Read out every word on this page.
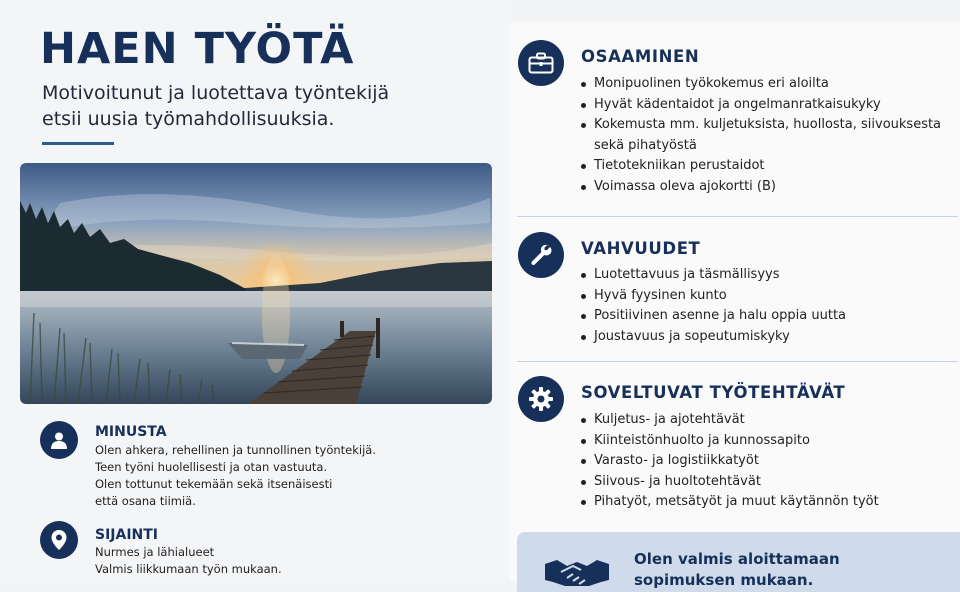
HAEN TYÖTÄ

Motivoitunut ja luotettava työntekijä
etsii uusia työmahdollisuuksia.

MINUSTA

Olen ahkera, rehellinen ja tunnollinen työntekijä.
Teen työni huolellisesti ja otan vastuuta.
Olen tottunut tekemään sekä itsenäisesti
että osana tiimiä.

SIJAINTI

Nurmes ja lähialueet
Valmis liikkumaan työn mukaan.

OSAAMINEN
Monipuolinen työkokemus eri aloilta
Hyvät kädentaidot ja ongelmanratkaisukyky
Kokemusta mm. kuljetuksista, huollosta, siivouksesta
sekä pihatyöstä
Tietotekniikan perustaidot
Voimassa oleva ajokortti (B)
VAHVUUDET
Luotettavuus ja täsmällisyys
Hyvä fyysinen kunto
Positiivinen asenne ja halu oppia uutta
Joustavuus ja sopeutumiskyky
SOVELTUVAT TYÖTEHTÄVÄT
Kuljetus- ja ajotehtävät
Kiinteistönhuolto ja kunnossapito
Varasto- ja logistiikkatyöt
Siivous- ja huoltotehtävät
Pihatyöt, metsätyöt ja muut käytännön työt

Olen valmis aloittamaan
sopimuksen mukaan.
